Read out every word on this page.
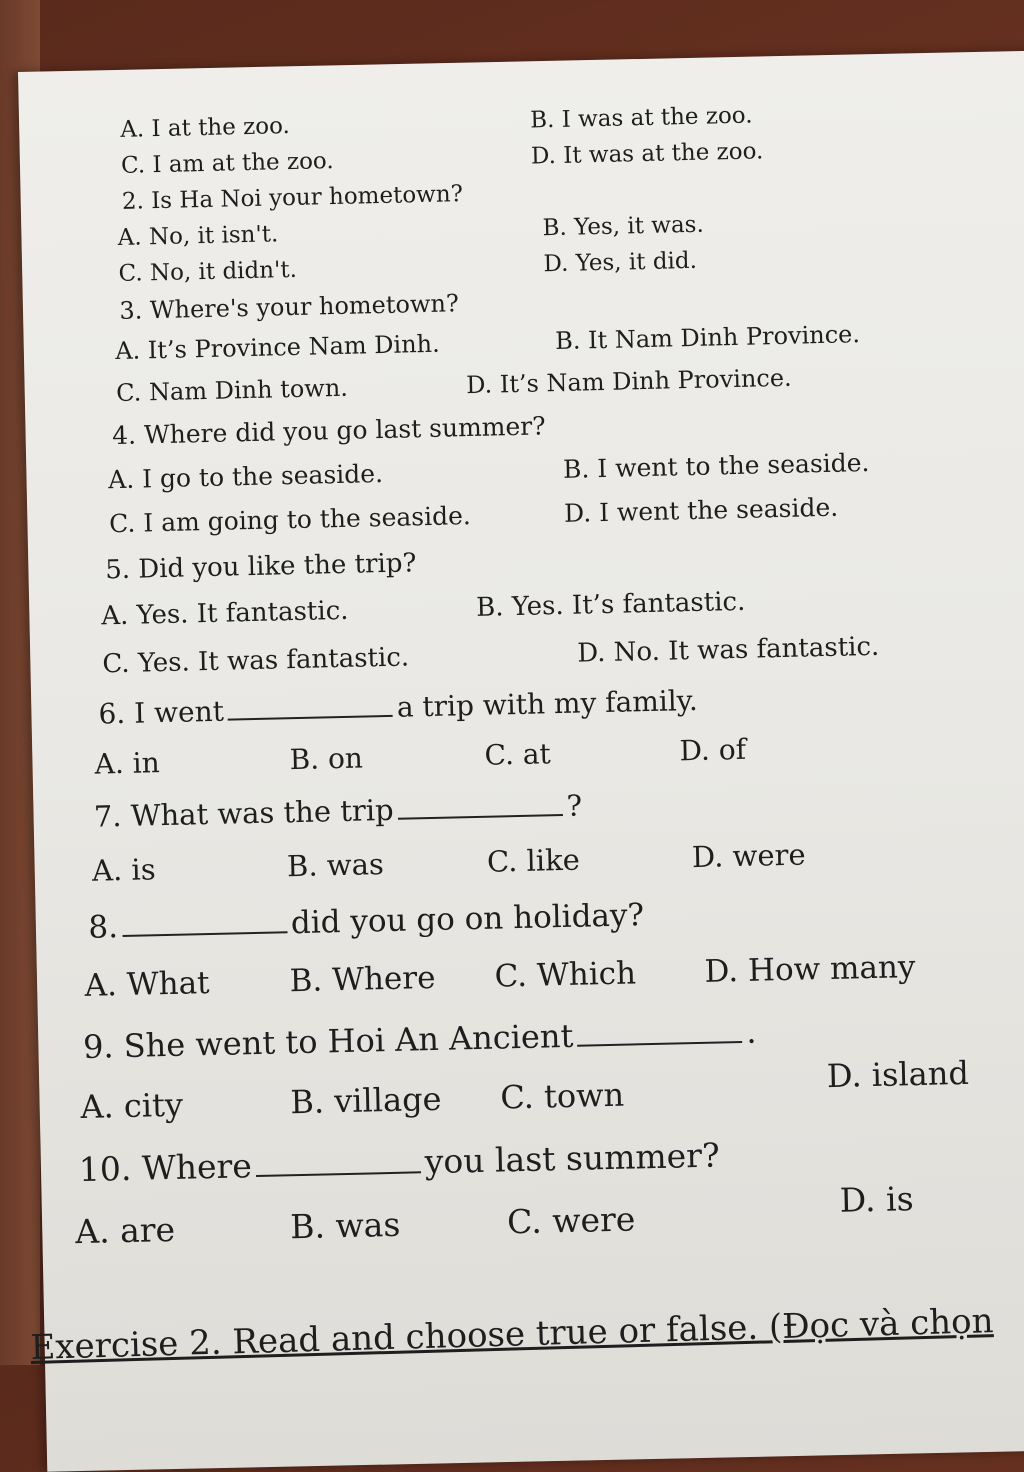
A. I at the zoo.	B. I was at the zoo.
C. I am at the zoo.	D. It was at the zoo.
2. Is Ha Noi your hometown?
A. No, it isn't.	B. Yes, it was.
C. No, it didn't.	D. Yes, it did.
3. Where's your hometown?
A. It’s Province Nam Dinh.	B. It Nam Dinh Province.
C. Nam Dinh town.	D. It’s Nam Dinh Province.
4. Where did you go last summer?
A. I go to the seaside.	B. I went to the seaside.
C. I am going to the seaside.	D. I went the seaside.
5. Did you like the trip?
A. Yes. It fantastic.	B. Yes. It’s fantastic.
C. Yes. It was fantastic.	D. No. It was fantastic.
6. I went	a trip with my family.
A. in	B. on	C. at	D. of
7. What was the trip	?
A. is	B. was	C. like	D. were
8.	did you go on holiday?
A. What	B. Where C. Which D. How many
9. She went to Hoi An Ancient	.
A. city	B. village C. town
D. island
10. Where	you last summer?
A. are	B. was	C. were	D. is
Exercise 2. Read and choose true or false. (Đọc và chọn
